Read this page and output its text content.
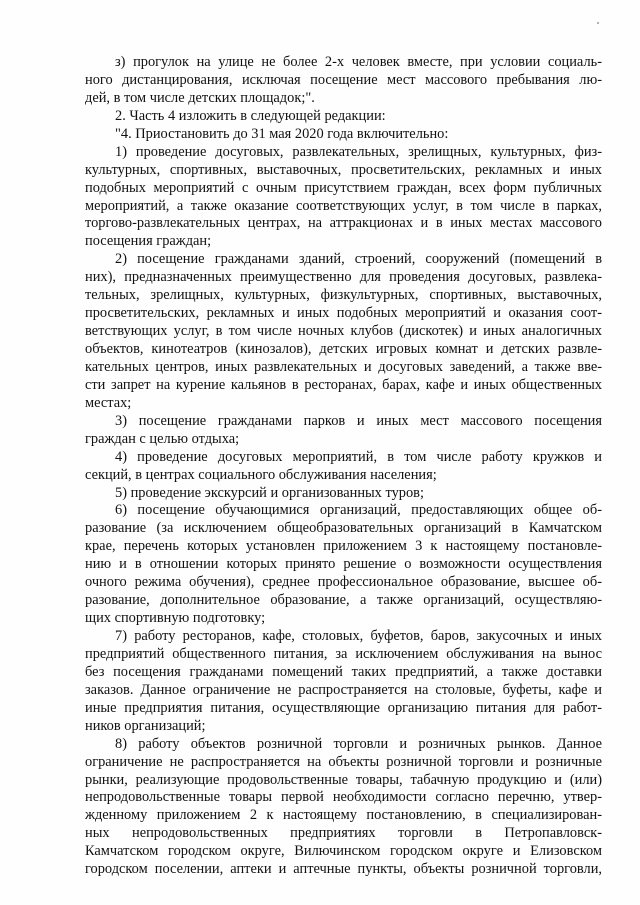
з) прогулок на улице не более 2-х человек вместе, при условии социаль-
ного дистанцирования, исключая посещение мест массового пребывания лю-
дей, в том числе детских площадок;".
2. Часть 4 изложить в следующей редакции:
"4. Приостановить до 31 мая 2020 года включительно:
1) проведение досуговых, развлекательных, зрелищных, культурных, физ-
культурных, спортивных, выставочных, просветительских, рекламных и иных
подобных мероприятий с очным присутствием граждан, всех форм публичных
мероприятий, а также оказание соответствующих услуг, в том числе в парках,
торгово-развлекательных центрах, на аттракционах и в иных местах массового
посещения граждан;
2) посещение гражданами зданий, строений, сооружений (помещений в
них), предназначенных преимущественно для проведения досуговых, развлека-
тельных, зрелищных, культурных, физкультурных, спортивных, выставочных,
просветительских, рекламных и иных подобных мероприятий и оказания соот-
ветствующих услуг, в том числе ночных клубов (дискотек) и иных аналогичных
объектов, кинотеатров (кинозалов), детских игровых комнат и детских развле-
кательных центров, иных развлекательных и досуговых заведений, а также вве-
сти запрет на курение кальянов в ресторанах, барах, кафе и иных общественных
местах;
3) посещение гражданами парков и иных мест массового посещения
граждан с целью отдыха;
4) проведение досуговых мероприятий, в том числе работу кружков и
секций, в центрах социального обслуживания населения;
5) проведение экскурсий и организованных туров;
6) посещение обучающимися организаций, предоставляющих общее об-
разование (за исключением общеобразовательных организаций в Камчатском
крае, перечень которых установлен приложением 3 к настоящему постановле-
нию и в отношении которых принято решение о возможности осуществления
очного режима обучения), среднее профессиональное образование, высшее об-
разование, дополнительное образование, а также организаций, осуществляю-
щих спортивную подготовку;
7) работу ресторанов, кафе, столовых, буфетов, баров, закусочных и иных
предприятий общественного питания, за исключением обслуживания на вынос
без посещения гражданами помещений таких предприятий, а также доставки
заказов. Данное ограничение не распространяется на столовые, буфеты, кафе и
иные предприятия питания, осуществляющие организацию питания для работ-
ников организаций;
8) работу объектов розничной торговли и розничных рынков. Данное
ограничение не распространяется на объекты розничной торговли и розничные
рынки, реализующие продовольственные товары, табачную продукцию и (или)
непродовольственные товары первой необходимости согласно перечню, утвер-
жденному приложением 2 к настоящему постановлению, в специализирован-
ных непродовольственных предприятиях торговли в Петропавловск-
Камчатском городском округе, Вилючинском городском округе и Елизовском
городском поселении, аптеки и аптечные пункты, объекты розничной торговли,
